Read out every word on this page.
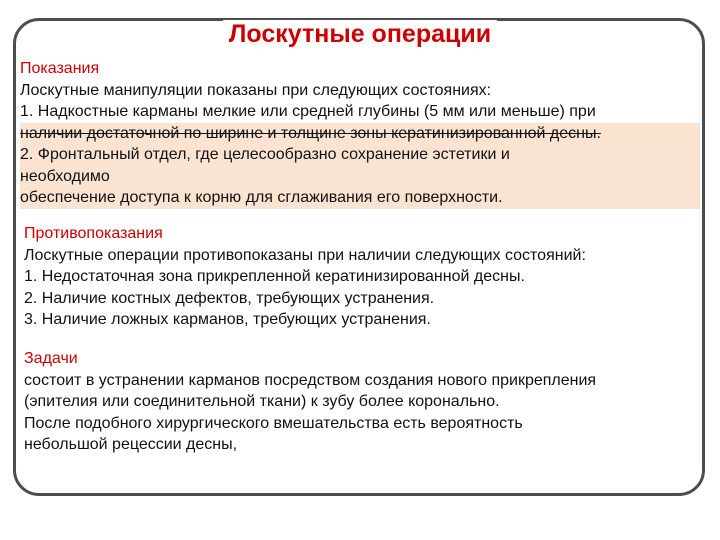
Лоскутные операции
Показания
Лоскутные манипуляции показаны при следующих состояниях:
1. Надкостные карманы мелкие или средней глубины (5 мм или меньше) при
наличии достаточной по ширине и толщине зоны кератинизированной десны.
2. Фронтальный отдел, где целесообразно сохранение эстетики и
необходимо
обеспечение доступа к корню для сглаживания его поверхности.
Противопоказания
Лоскутные операции противопоказаны при наличии следующих состояний:
1. Недостаточная зона прикрепленной кератинизированной десны.
2. Наличие костных дефектов, требующих устранения.
3. Наличие ложных карманов, требующих устранения.
Задачи
состоит в устранении карманов посредством создания нового прикрепления
(эпителия или соединительной ткани) к зубу более коронально.
После подобного хирургического вмешательства есть вероятность
небольшой рецессии десны,
